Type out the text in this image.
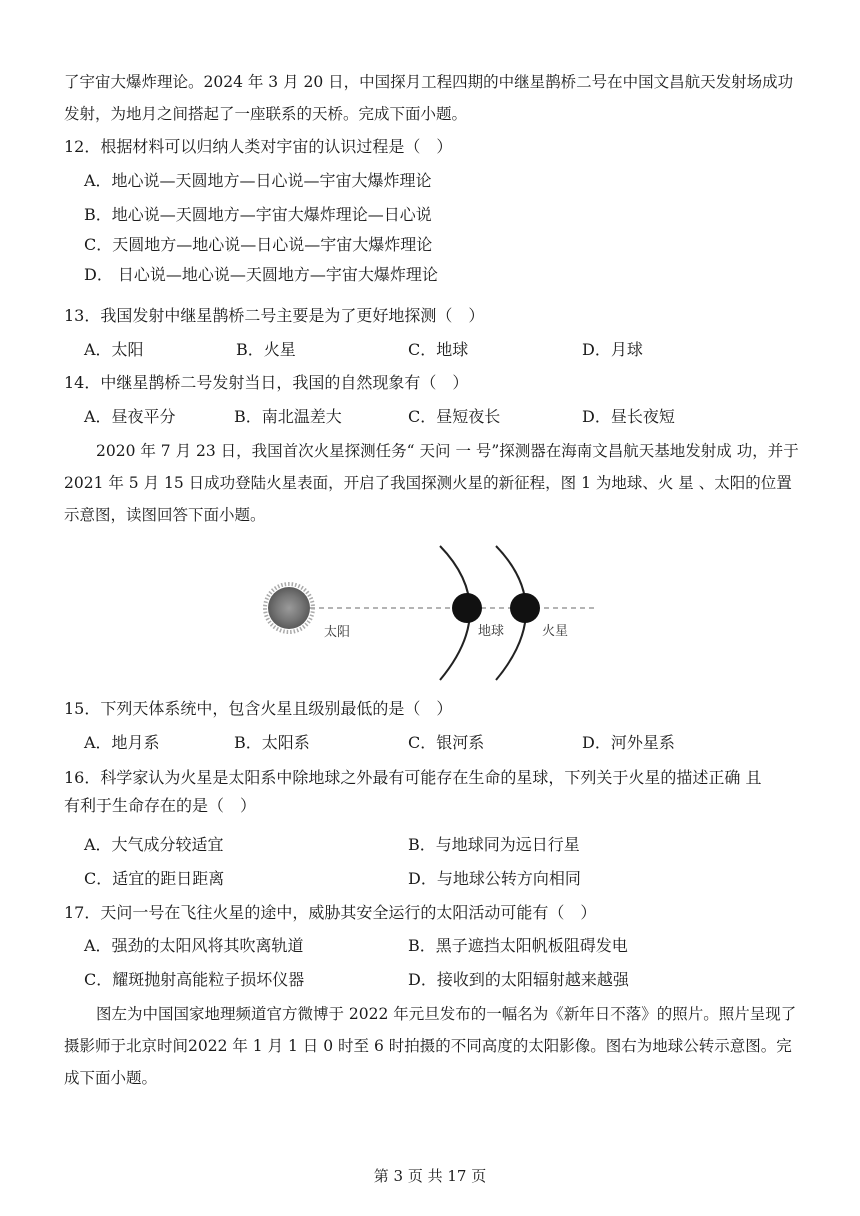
了宇宙大爆炸理论。2024 年 3 月 20 日，中国探月工程四期的中继星鹊桥二号在中国文昌航天发射场成功发射，为地月之间搭起了一座联系的天桥。完成下面小题。
12．根据材料可以归纳人类对宇宙的认识过程是（　）
A．地心说—天圆地方—日心说—宇宙大爆炸理论
B．地心说—天圆地方—宇宙大爆炸理论—日心说
C．天圆地方—地心说—日心说—宇宙大爆炸理论
D． 日心说—地心说—天圆地方—宇宙大爆炸理论
13．我国发射中继星鹊桥二号主要是为了更好地探测（　）
A．太阳	B．火星	C．地球	D．月球
14．中继星鹊桥二号发射当日，我国的自然现象有（　）
A．昼夜平分	B．南北温差大	C．昼短夜长	D．昼长夜短
2020 年 7 月 23 日，我国首次火星探测任务“ 天问 一 号”探测器在海南文昌航天基地发射成 功，并于 2021 年 5 月 15 日成功登陆火星表面，开启了我国探测火星的新征程，图 1 为地球、火 星 、太阳的位置示意图，读图回答下面小题。
太阳	地球	火星
15．下列天体系统中，包含火星且级别最低的是（　）
A．地月系	B．太阳系	C．银河系	D．河外星系
16．科学家认为火星是太阳系中除地球之外最有可能存在生命的星球，下列关于火星的描述正确 且
有利于生命存在的是（　）
A．大气成分较适宜	B．与地球同为远日行星
C．适宜的距日距离	D．与地球公转方向相同
17．天问一号在飞往火星的途中，威胁其安全运行的太阳活动可能有（　）
A．强劲的太阳风将其吹离轨道	B．黑子遮挡太阳帆板阻碍发电
C．耀斑抛射高能粒子损坏仪器	D．接收到的太阳辐射越来越强
图左为中国国家地理频道官方微博于 2022 年元旦发布的一幅名为《新年日不落》的照片。照片呈现了摄影师于北京时间2022 年 1 月 1 日 0 时至 6 时拍摄的不同高度的太阳影像。图右为地球公转示意图。完成下面小题。
第 3 页 共 17 页
